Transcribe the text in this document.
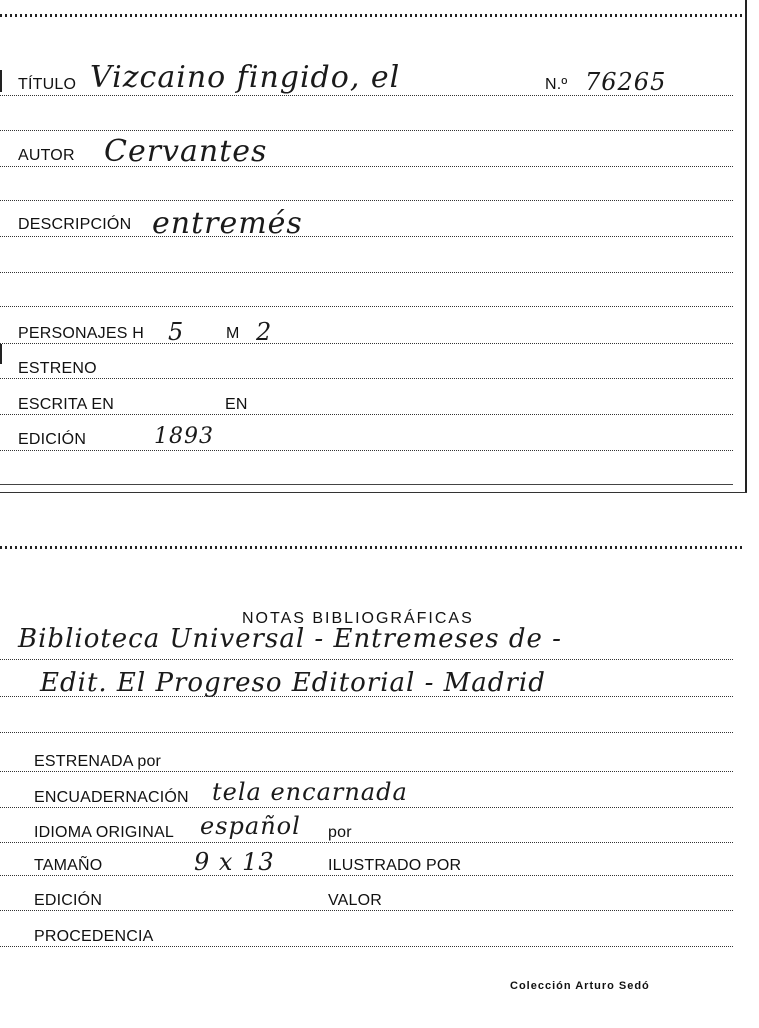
TÍTULO Vizcaino fingido, el	N.º 76265
AUTOR Cervantes
DESCRIPCIÓN entremés
PERSONAJES H 5	M 2
ESTRENO
ESCRITA EN	EN
EDICIÓN	1893
NOTAS BIBLIOGRÁFICAS
Biblioteca Universal - Entremeses de -
Edit. El Progreso Editorial - Madrid
ESTRENADA por
ENCUADERNACIÓN tela encarnada
IDIOMA ORIGINAL español por
TAMAÑO	9 x 13	ILUSTRADO POR
EDICIÓN	VALOR
PROCEDENCIA
Colección Arturo Sedó
